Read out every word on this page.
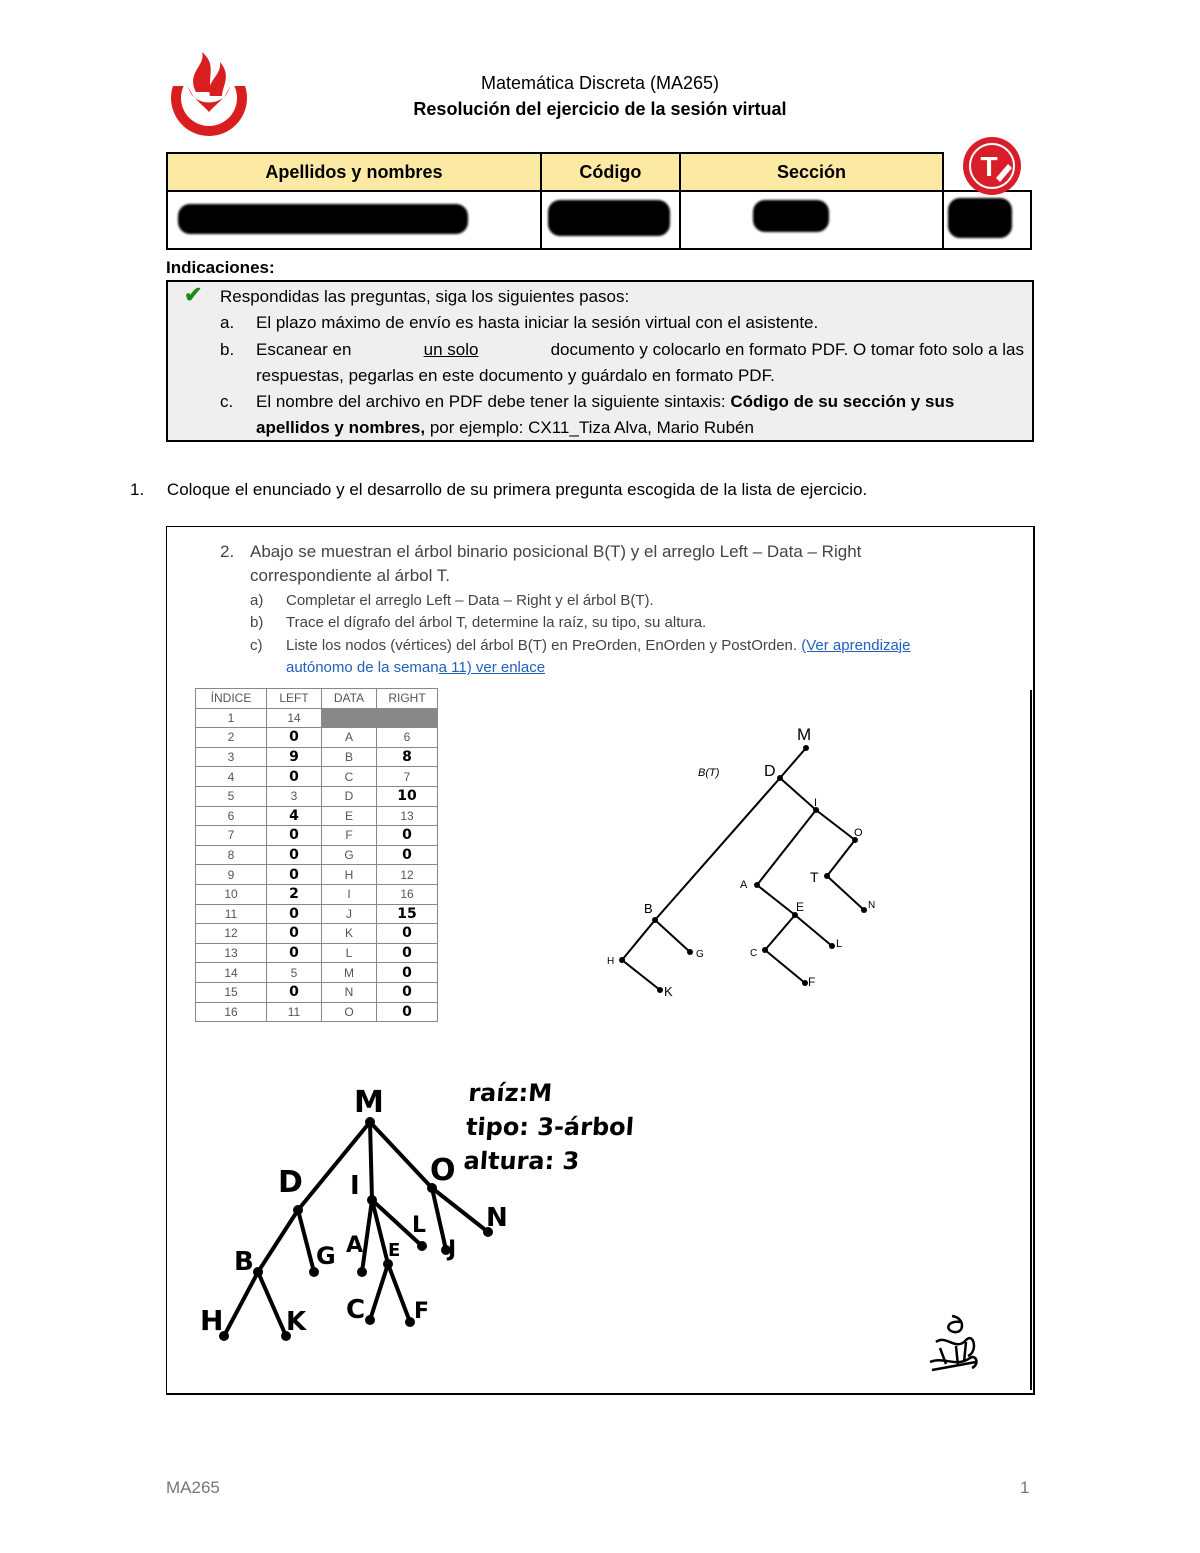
Matemática Discreta (MA265)
Resolución del ejercicio de la sesión virtual
Apellidos y nombres	Código	Sección	

		T
Indicaciones:
✔ Respondidas las preguntas, siga los siguientes pasos:
a. El plazo máximo de envío es hasta iniciar la sesión virtual con el asistente.
b. Escanear en	un solo	documento y colocarlo en formato PDF. O tomar foto solo a las
respuestas, pegarlas en este documento y guárdalo en formato PDF.
c. El nombre del archivo en PDF debe tener la siguiente sintaxis: Código de su sección y sus
apellidos y nombres, por ejemplo: CX11_Tiza Alva, Mario Rubén
1. Coloque el enunciado y el desarrollo de su primera pregunta escogida de la lista de ejercicio.
2. Abajo se muestran el árbol binario posicional B(T) y el arreglo Left – Data – Right
correspondiente al árbol T.
a) Completar el arreglo Left – Data – Right y el árbol B(T).
b) Trace el dígrafo del árbol T, determine la raíz, su tipo, su altura.
c) Liste los nodos (vértices) del árbol B(T) en PreOrden, EnOrden y PostOrden. (Ver aprendizaje
autónomo de la semana 11) ver enlace
ÍNDICE	LEFT	DATA	RIGHT
1	14		
2	0	A	6
3	9	B	8
4	0	C	7
5	3	D	10
6	4	E	13
7	0	F	0
8	0	G	0
9	0	H	12
10	2	I	16
11	0	J	15
12	0	K	0
13	0	L	0
14	5	M	0
15	0	N	0
16	11	O	0
B(T)
M
D
I
O
T
A
E	N
B
H
G
K
C
L
F
M
D I O
B	G A E
L
J
N
H K C F
raíz:M
tipo: 3-árbol
altura: 3
MA265	1
